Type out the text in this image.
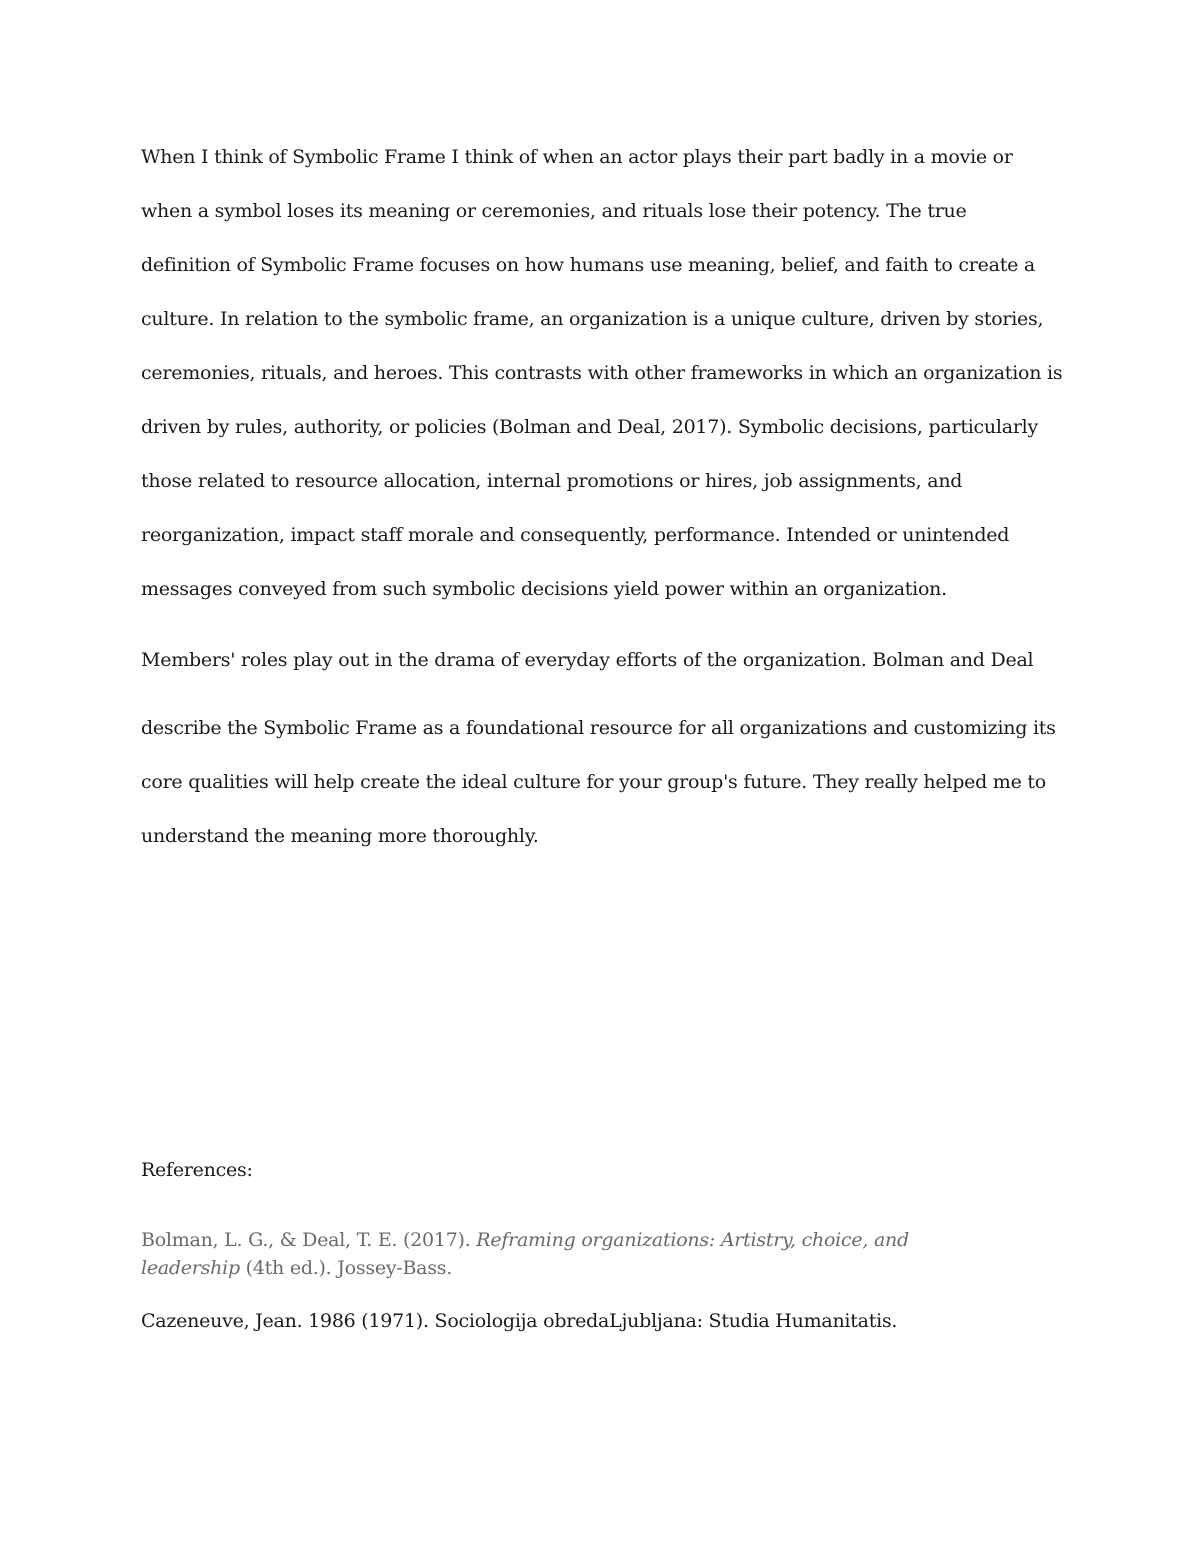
When I think of Symbolic Frame I think of when an actor plays their part badly in a movie or

when a symbol loses its meaning or ceremonies, and rituals lose their potency. The true

definition of Symbolic Frame focuses on how humans use meaning, belief, and faith to create a

culture. In relation to the symbolic frame, an organization is a unique culture, driven by stories,

ceremonies, rituals, and heroes. This contrasts with other frameworks in which an organization is

driven by rules, authority, or policies (Bolman and Deal, 2017). Symbolic decisions, particularly

those related to resource allocation, internal promotions or hires, job assignments, and

reorganization, impact staff morale and consequently, performance. Intended or unintended

messages conveyed from such symbolic decisions yield power within an organization.

Members' roles play out in the drama of everyday efforts of the organization. Bolman and Deal

describe the Symbolic Frame as a foundational resource for all organizations and customizing its

core qualities will help create the ideal culture for your group's future. They really helped me to

understand the meaning more thoroughly.

References:

Bolman, L. G., & Deal, T. E. (2017). Reframing organizations: Artistry, choice, and

leadership (4th ed.). Jossey-Bass.

Cazeneuve, Jean. 1986 (1971). Sociologija obredaLjubljana: Studia Humanitatis.
